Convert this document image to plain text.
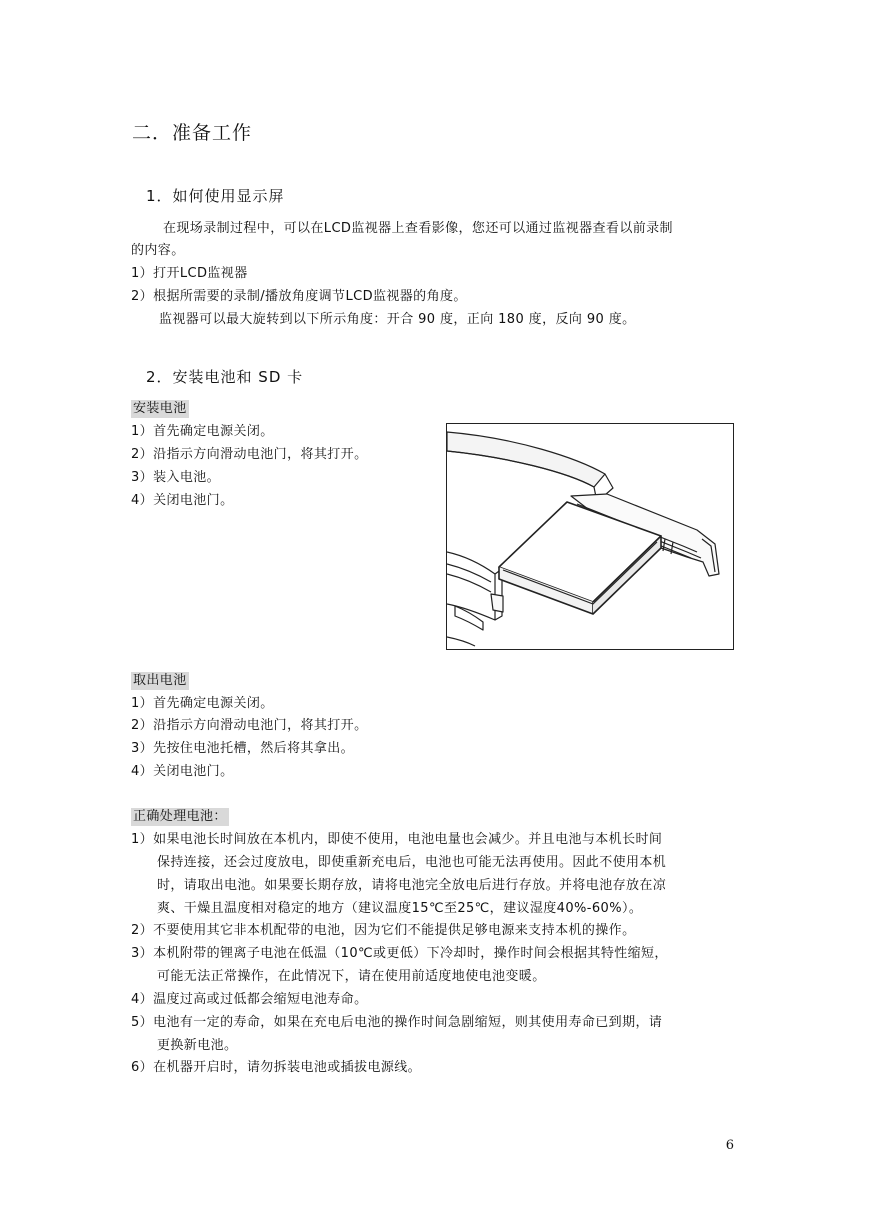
二．准备工作
1．如何使用显示屏
在现场录制过程中，可以在LCD监视器上查看影像，您还可以通过监视器查看以前录制
的内容。
1）打开LCD监视器
2）根据所需要的录制/播放角度调节LCD监视器的角度。
监视器可以最大旋转到以下所示角度：开合 90 度，正向 180 度，反向 90 度。
2．安装电池和 SD 卡
安装电池
1）首先确定电源关闭。
2）沿指示方向滑动电池门，将其打开。
3）装入电池。
4）关闭电池门。
取出电池
1）首先确定电源关闭。
2）沿指示方向滑动电池门，将其打开。
3）先按住电池托槽，然后将其拿出。
4）关闭电池门。
正确处理电池：
1）如果电池长时间放在本机内，即使不使用，电池电量也会减少。并且电池与本机长时间
保持连接，还会过度放电，即使重新充电后，电池也可能无法再使用。因此不使用本机
时，请取出电池。如果要长期存放，请将电池完全放电后进行存放。并将电池存放在凉
爽、干燥且温度相对稳定的地方（建议温度15℃至25℃，建议湿度40%-60%）。
2）不要使用其它非本机配带的电池，因为它们不能提供足够电源来支持本机的操作。
3）本机附带的锂离子电池在低温（10℃或更低）下冷却时，操作时间会根据其特性缩短，
可能无法正常操作，在此情况下，请在使用前适度地使电池变暖。
4）温度过高或过低都会缩短电池寿命。
5）电池有一定的寿命，如果在充电后电池的操作时间急剧缩短，则其使用寿命已到期，请
更换新电池。
6）在机器开启时，请勿拆装电池或插拔电源线。
6
